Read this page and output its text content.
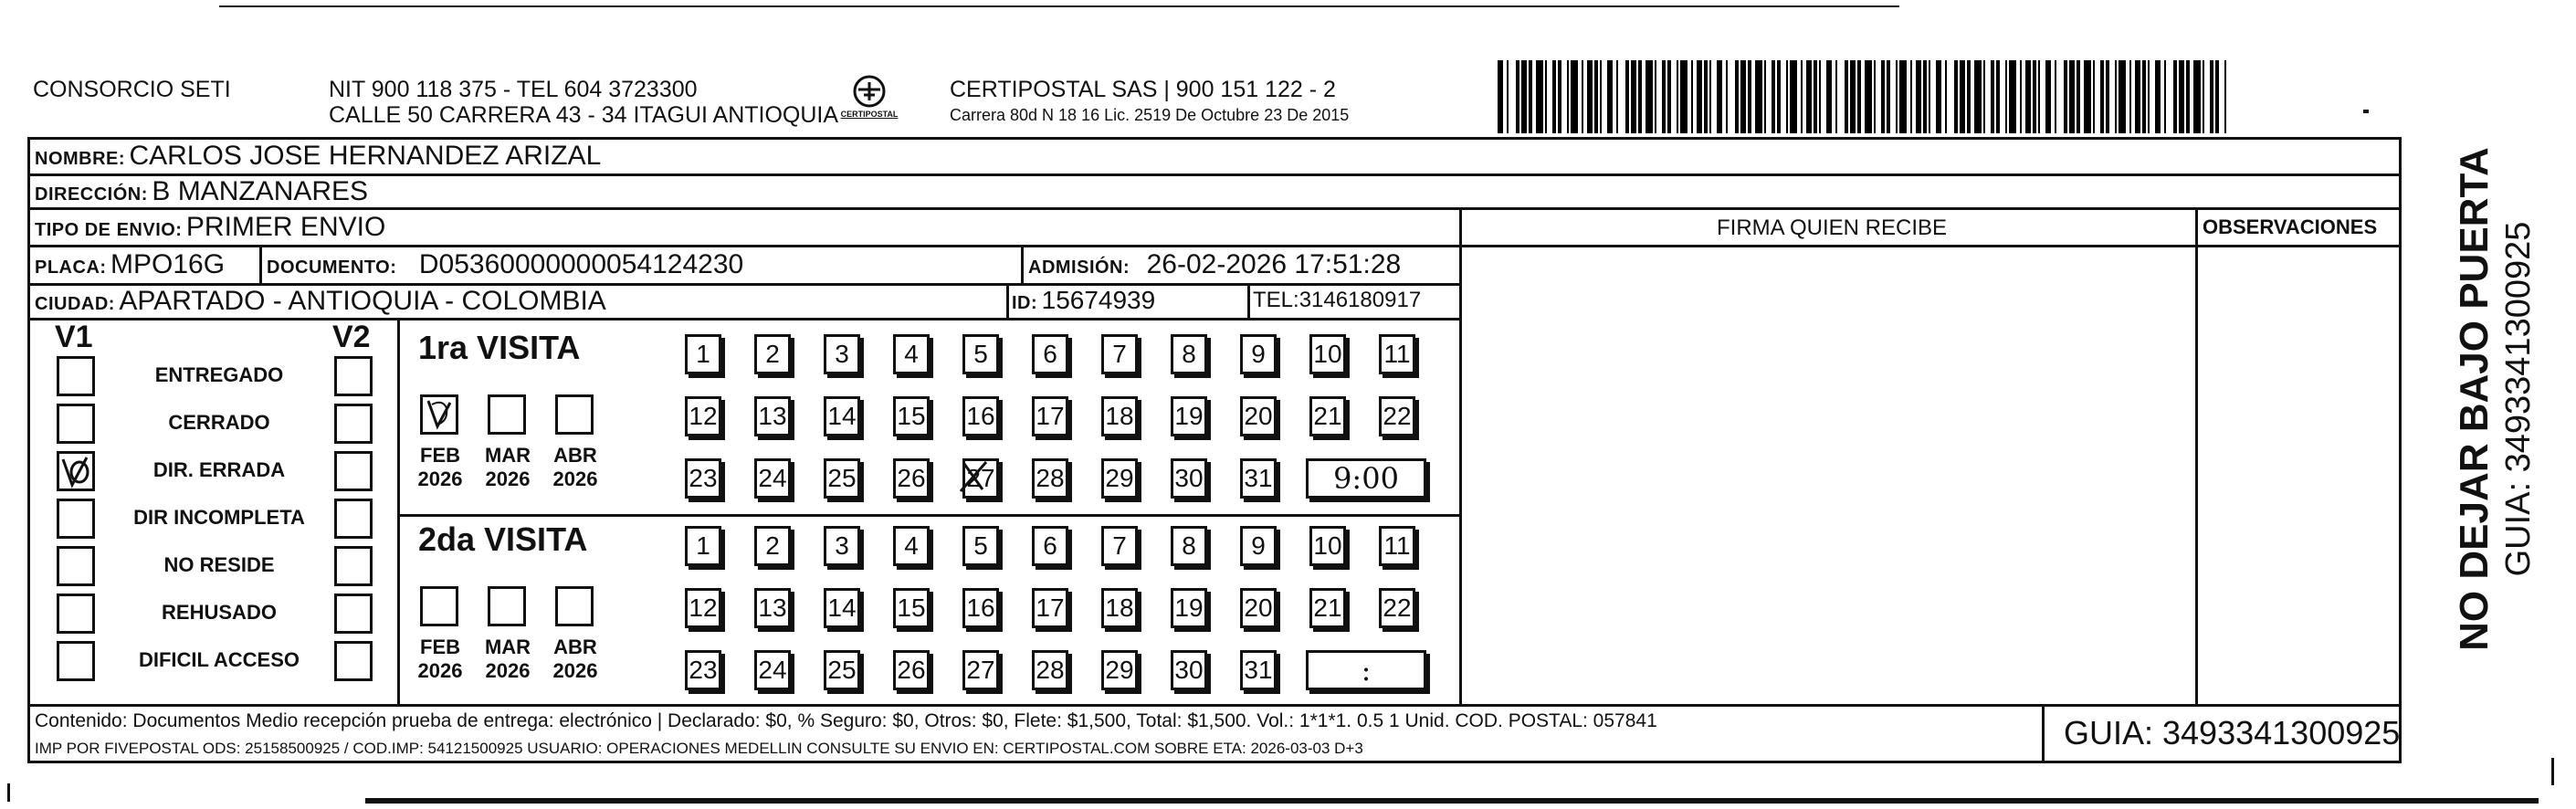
CONSORCIO SETI	NIT 900 118 375 - TEL 604 3723300
CALLE 50 CARRERA 43 - 34 ITAGUI ANTIOQUIA CERTIPOSTAL
CERTIPOSTAL SAS | 900 151 122 - 2
Carrera 80d N 18 16 Lic. 2519 De Octubre 23 De 2015
NOMBRE: CARLOS JOSE HERNANDEZ ARIZAL
DIRECCIÓN: B MANZANARES
TIPO DE ENVIO: PRIMER ENVIO	FIRMA QUIEN RECIBE	OBSERVACIONES
PLACA: MPO16G DOCUMENTO: D05360000000054124230	ADMISIÓN: 26-02-2026 17:51:28
CIUDAD: APARTADO - ANTIOQUIA - COLOMBIA	ID: 15674939	TEL:3146180917
V1	V2
ENTREGADO
CERRADO
DIR. ERRADA
DIR INCOMPLETA
NO RESIDE
REHUSADO
DIFICIL ACCESO
1ra VISITA
2da VISITA
FEB
2026
MAR
2026
ABR
2026
1	2	3	4	5	6	7	8	9	10 11
12 13 14 15 16 17 18 19 20 21 22
23 24 25 26 27 28 29 30 31	9:00
FEB
2026
MAR
2026
ABR
2026
1	2	3	4	5	6	7	8	9	10 11
12 13 14 15 16 17 18 19 20 21 22
23 24 25 26 27 28 29 30 31	:
Contenido: Documentos Medio recepción prueba de entrega: electrónico | Declarado: $0, % Seguro: $0, Otros: $0, Flete: $1,500, Total: $1,500. Vol.: 1*1*1. 0.5 1 Unid. COD. POSTAL: 057841
IMP POR FIVEPOSTAL ODS: 25158500925 / COD.IMP: 54121500925 USUARIO: OPERACIONES MEDELLIN CONSULTE SU ENVIO EN: CERTIPOSTAL.COM SOBRE ETA: 2026-03-03 D+3	GUIA: 3493341300925
NO DEJAR BAJO PUERTA GUIA: 3493341300925
